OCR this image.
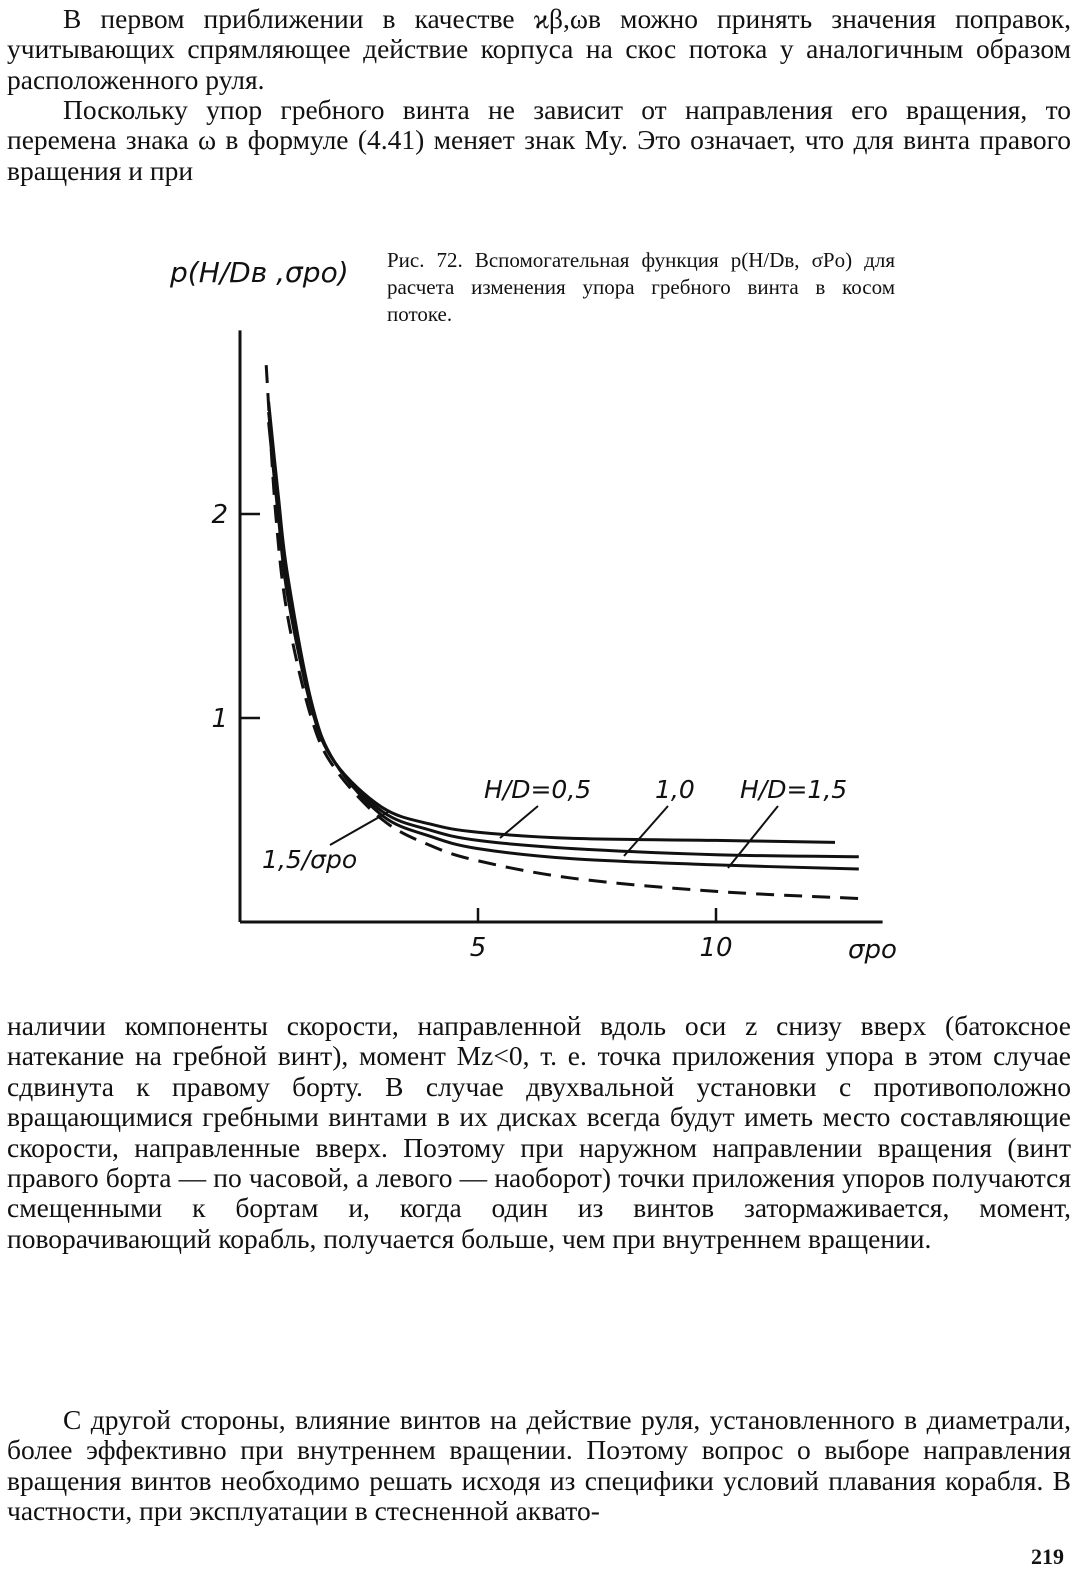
В первом приближении в качестве ϰβ,ωв можно принять значения поправок, учитывающих спрямляющее действие корпуса на скос потока у аналогичным образом расположенного руля.

Поскольку упор гребного винта не зависит от направления его вращения, то перемена знака ω в формуле (4.41) меняет знак My. Это означает, что для винта правого вращения и при

1
2
5	10
p(H/Dв ,σpo)
σpo
H/D=0,5	1,0 H/D=1,5
1,5/σpo
Рис. 72. Вспомогательная функция p(H/Dв, σPo) для расчета изменения упора гребного винта в косом потоке.

наличии компоненты скорости, направленной вдоль оси z снизу вверх (батоксное натекание на гребной винт), момент Mz<0, т. е. точка приложения упора в этом случае сдвинута к правому борту. В случае двухвальной установки с противоположно вращающимися гребными винтами в их дисках всегда будут иметь место составляющие скорости, направленные вверх. Поэтому при наружном направлении вращения (винт правого борта — по часовой, а левого — наоборот) точки приложения упоров получаются смещенными к бортам и, когда один из винтов затормаживается, момент, поворачивающий корабль, получается больше, чем при внутреннем вращении.

С другой стороны, влияние винтов на действие руля, установленного в диаметрали, более эффективно при внутреннем вращении. Поэтому вопрос о выборе направления вращения винтов необходимо решать исходя из специфики условий плавания корабля. В частности, при эксплуатации в стесненной аквато-

219
